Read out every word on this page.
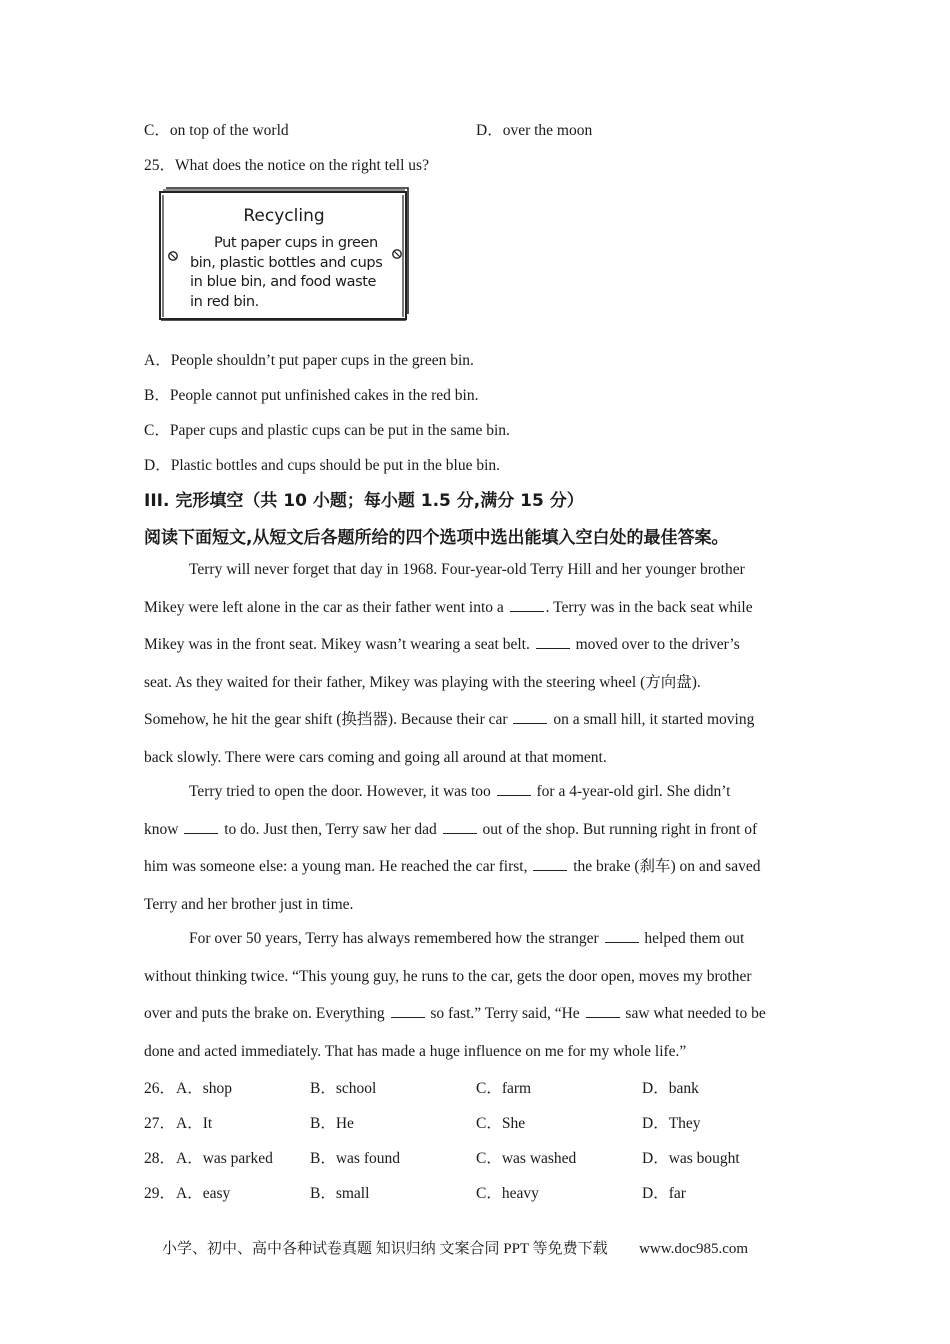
C．on top of the world	D．over the moon
25．What does the notice on the right tell us?
Recycling
Put paper cups in green
bin, plastic bottles and cups
in blue bin, and food waste
in red bin.
A．People shouldn’t put paper cups in the green bin.
B．People cannot put unfinished cakes in the red bin.
C．Paper cups and plastic cups can be put in the same bin.
D．Plastic bottles and cups should be put in the blue bin.
III. 完形填空（共 10 小题；每小题 1.5 分,满分 15 分）
阅读下面短文,从短文后各题所给的四个选项中选出能填入空白处的最佳答案。
Terry will never forget that day in 1968. Four-year-old Terry Hill and her younger brother
Mikey were left alone in the car as their father went into a . Terry was in the back seat while
Mikey was in the front seat. Mikey wasn’t wearing a seat belt.  moved over to the driver’s
seat. As they waited for their father, Mikey was playing with the steering wheel (方向盘).
Somehow, he hit the gear shift (换挡器). Because their car  on a small hill, it started moving
back slowly. There were cars coming and going all around at that moment.
Terry tried to open the door. However, it was too  for a 4-year-old girl. She didn’t
know  to do. Just then, Terry saw her dad  out of the shop. But running right in front of
him was someone else: a young man. He reached the car first,  the brake (刹车) on and saved
Terry and her brother just in time.
For over 50 years, Terry has always remembered how the stranger  helped them out
without thinking twice. “This young guy, he runs to the car, gets the door open, moves my brother
over and puts the brake on. Everything  so fast.” Terry said, “He  saw what needed to be
done and acted immediately. That has made a huge influence on me for my whole life.”
26． A．shop	B．school	C．farm	D．bank
27． A．It	B．He	C．She	D．They
28． A．was parked B．was found	C．was washed	D．was bought
29． A．easy	B．small	C．heavy	D．far
小学、初中、高中各种试卷真题 知识归纳 文案合同 PPT 等免费下载 www.doc985.com
